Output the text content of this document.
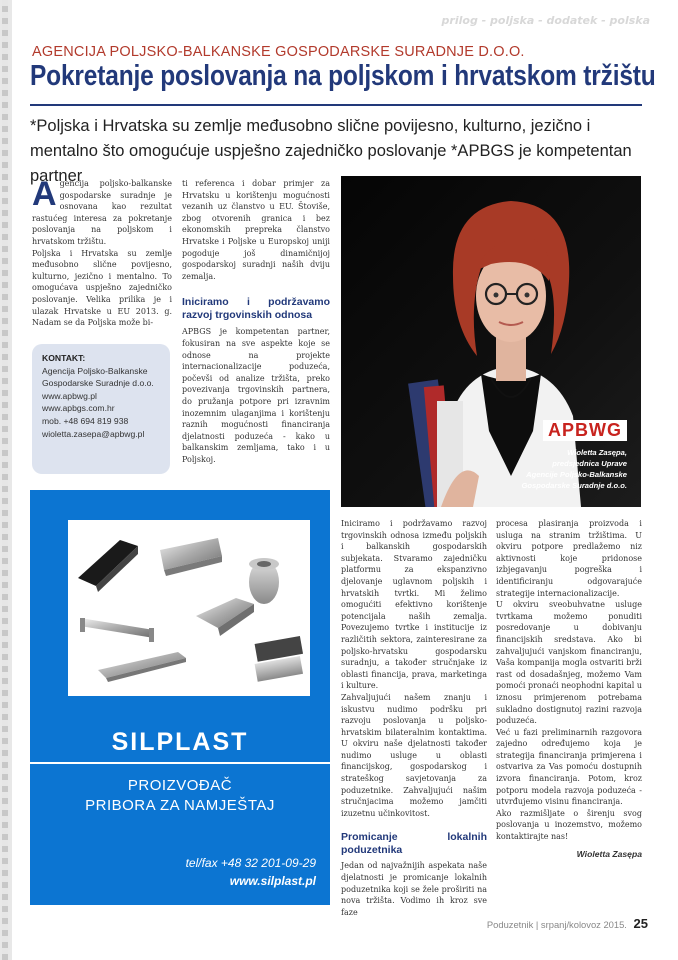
prilog - poljska - dodatek - polska
AGENCIJA POLJSKO-BALKANSKE GOSPODARSKE SURADNJE D.O.O.
Pokretanje poslovanja na poljskom i hrvatskom tržištu
*Poljska i Hrvatska su zemlje međusobno slične povijesno, kulturno, jezično i mentalno što omogućuje uspješno zajedničko poslovanje *APBGS je kompetentan partner
A gencija poljsko-balkanske gospodarske suradnje je osnovana kao rezultat rastućeg interesa za pokretanje poslovanja na poljskom i hrvatskom tržištu.

Poljska i Hrvatska su zemlje međusobno slične povijesno, kulturno, jezično i mentalno. To omogućava uspješno zajedničko poslovanje. Velika prilika je i ulazak Hrvatske u EU 2013. g. Nadam se da Poljska može bi-

KONTAKT:
Agencija Poljsko-Balkanske
Gospodarske Suradnje d.o.o.
www.apbwg.pl
www.apbgs.com.hr
mob. +48 694 819 938
wioletta.zasepa@apbwg.pl

ti referenca i dobar primjer za Hrvatsku u korištenju mogućnosti vezanih uz članstvo u EU. Štoviše, zbog otvorenih granica i bez ekonomskih prepreka članstvo Hrvatske i Poljske u Europskoj uniji pogoduje još dinamičnijoj gospodarskoj suradnji naših dviju zemalja.

Iniciramo i podržavamo razvoj trgovinskih odnosa

APBGS je kompetentan partner, fokusiran na sve aspekte koje se odnose na projekte internacionalizacije poduzeća, počevši od analize tržišta, preko povezivanja trgovinskih partnera, do pružanja potpore pri izravnim inozemnim ulaganjima i korištenju raznih mogućnosti financiranja djelatnosti poduzeća - kako u balkanskim zemljama, tako i u Poljskoj.

APBWG
Wioletta Zasępa,
predsjednica Uprave
Agencije Poljsko-Balkanske
Gospodarske Suradnje d.o.o.
SILPLAST
PROIZVOĐAČ
PRIBORA ZA NAMJEŠTAJ
tel/fax +48 32 201-09-29
www.silplast.pl

Iniciramo i podržavamo razvoj trgovinskih odnosa između poljskih i balkanskih gospodarskih subjekata. Stvaramo zajedničku platformu za ekspanzivno djelovanje uglavnom poljskih i hrvatskih tvrtki. Mi želimo omogućiti efektivno korištenje potencijala naših zemalja. Povezujemo tvrtke i institucije iz različitih sektora, zainteresirane za poljsko-hrvatsku gospodarsku suradnju, a također stručnjake iz oblasti financija, prava, marketinga i kulture.

Zahvaljujući našem znanju i iskustvu nudimo podršku pri razvoju poslovanja u poljsko-hrvatskim bilateralnim kontaktima. U okviru naše djelatnosti također nudimo usluge u oblasti financijskog, gospodarskog i strateškog savjetovanja za poduzetnike. Zahvaljujući našim stručnjacima možemo jamčiti izuzetnu učinkovitost.

Promicanje lokalnih poduzetnika

Jedan od najvažnijih aspekata naše djelatnosti je promicanje lokalnih poduzetnika koji se žele proširiti na nova tržišta. Vodimo ih kroz sve faze

procesa plasiranja proizvoda i usluga na stranim tržištima. U okviru potpore predlažemo niz aktivnosti koje pridonose izbjegavanju pogreška i identificiranju odgovarajuće strategije internacionalizacije.

U okviru sveobuhvatne usluge tvrtkama možemo ponuditi posredovanje u dobivanju financijskih sredstava. Ako bi zahvaljujući vanjskom financiranju, Vaša kompanija mogla ostvariti brži rast od dosadašnjeg, možemo Vam pomoći pronaći neophodni kapital u iznosu primjerenom potrebama sukladno dostignutoj razini razvoja poduzeća.

Već u fazi preliminarnih razgovora zajedno određujemo koja je strategija financiranja primjerena i ostvariva za Vas pomoću dostupnih izvora financiranja. Potom, kroz potporu modela razvoja poduzeća - utvrđujemo visinu financiranja.

Ako razmišljate o širenju svog poslovanja u inozemstvo, možemo kontaktirajte nas!

Wioletta Zasępa
Poduzetnik | srpanj/kolovoz 2015. 25
